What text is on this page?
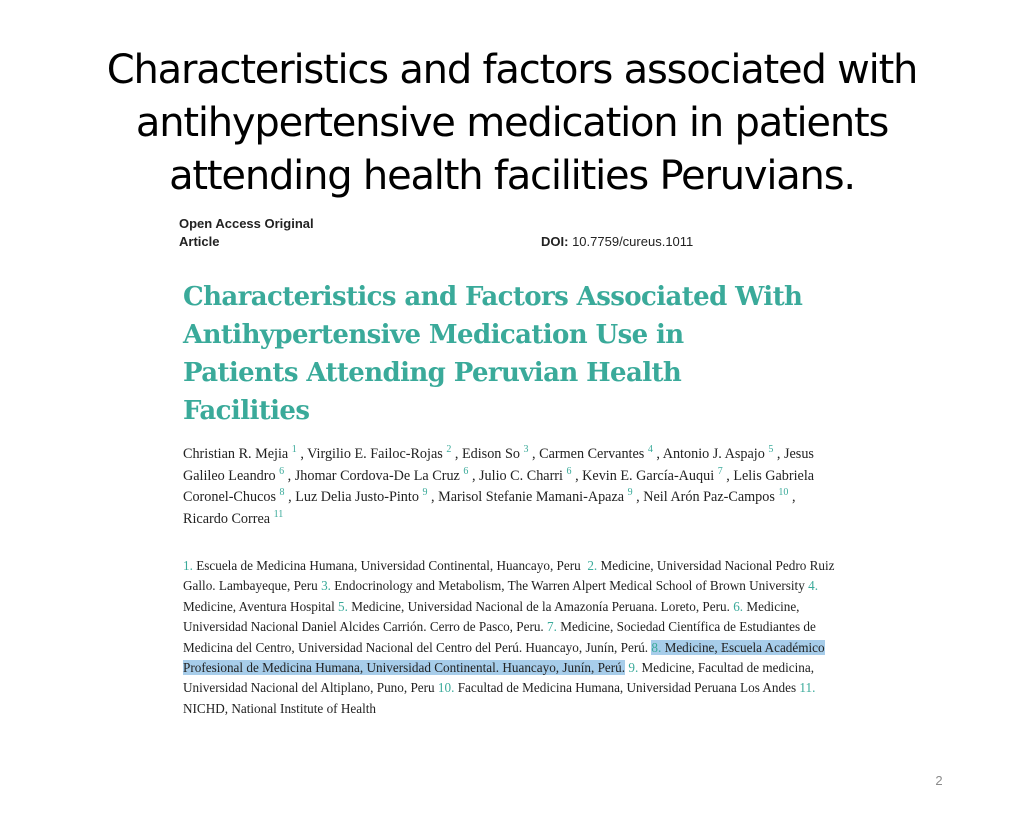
Characteristics and factors associated with
antihypertensive medication in patients
attending health facilities Peruvians.
Open Access Original
Article	DOI: 10.7759/cureus.1011
Characteristics and Factors Associated With
Antihypertensive Medication Use in
Patients Attending Peruvian Health
Facilities
Christian R. Mejia $^1$ , Virgilio E. Failoc-Rojas $^2$ , Edison So $^3$ , Carmen Cervantes $^4$ , Antonio J. Aspajo $^5$ , Jesus Galileo Leandro $^6$ , Jhomar Cordova-De La Cruz $^6$ , Julio C. Charri $^6$ , Kevin E. García-Auqui $^7$ , Lelis Gabriela Coronel-Chucos $^8$ , Luz Delia Justo-Pinto $^9$ , Marisol Stefanie Mamani-Apaza $^9$ , Neil Arón Paz-Campos $^{10}$ , Ricardo Correa $^{11}$
1. Escuela de Medicina Humana, Universidad Continental, Huancayo, Peru 2. Medicine, Universidad Nacional Pedro Ruiz Gallo. Lambayeque, Peru 3. Endocrinology and Metabolism, The Warren Alpert Medical School of Brown University 4. Medicine, Aventura Hospital 5. Medicine, Universidad Nacional de la Amazonía Peruana. Loreto, Peru. 6. Medicine, Universidad Nacional Daniel Alcides Carrión. Cerro de Pasco, Peru. 7. Medicine, Sociedad Científica de Estudiantes de Medicina del Centro, Universidad Nacional del Centro del Perú. Huancayo, Junín, Perú. 8. Medicine, Escuela Académico Profesional de Medicina Humana, Universidad Continental. Huancayo, Junín, Perú. 9. Medicine, Facultad de medicina, Universidad Nacional del Altiplano, Puno, Peru 10. Facultad de Medicina Humana, Universidad Peruana Los Andes 11. NICHD, National Institute of Health
2
